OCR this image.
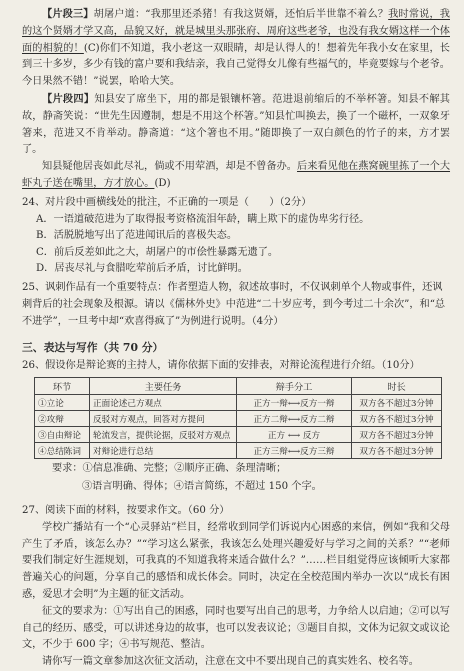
【片段三】胡屠户道：“我那里还杀猪！有我这贤婿，还怕后半世靠不着么？我时常说，我的这个贤婿才学又高，品貌又好，就是城里头那张府、周府这些老爷，也没有我女婿这样一个体面的相貌的！(C)你们不知道，我小老这一双眼睛，却是认得人的！想着先年我小女在家里，长到三十多岁，多少有钱的富户要和我结亲，我自己觉得女儿像有些福气的，毕竟要嫁与个老爷。今日果然不错！”说罢，哈哈大笑。

【片段四】知县安了席坐下，用的都是银镶杯箸。范进退前缩后的不举杯箸。知县不解其故，静斋笑说：“世先生因遵制，想是不用这个杯箸。”知县忙叫换去，换了一个磁杯，一双象牙箸来，范进又不肯举动。静斋道：“这个箸也不用。”随即换了一双白颜色的竹子的来，方才罢了。

知县疑他居丧如此尽礼，倘或不用荤酒，却是不曾备办。后来看见他在燕窝碗里拣了一个大虾丸子送在嘴里，方才放心。(D)

24、对片段中画横线处的批注，不正确的一项是（　　）（2分）

A．一语道破范进为了取得报考资格流泪年龄，瞒上欺下的虚伪卑劣行径。

B．活脱脱地写出了范进闻讯后的喜极失态。

C．前后反差如此之大，胡屠户的市侩性暴露无遗了。

D．居丧尽礼与食腊吃荤前后矛盾，讨比鲜明。

25、讽刺作品有一个重要特点：作者塑造人物，叙述故事时，不仅讽刺单个人物或事件，还讽刺背后的社会现象及根源。请以《儒林外史》中范进“二十岁应考，到今考过二十余次”，和“总不进学”，一旦考中却“欢喜得疯了”为例进行说明。（4分）

三、表达与写作（共 70 分）

26、假设你是辩论赛的主持人，请你依据下面的安排表，对辩论流程进行介绍。（10分）

环节	主要任务	辩手分工	时长
①立论	正面论述己方观点	正方一辩⟷反方一辩	双方各不超过3分钟
②攻辩	反驳对方观点，回答对方提问	正方二辩⟷反方二辩	双方各不超过3分钟
③自由辩论	轮流发言，提供论据，反驳对方观点	正方 ⟷ 反方	双方各不超过3分钟
④总结陈词	对辩论进行总结	正方三辩⟷反方三辩	双方各不超过3分钟

要求：①信息准确、完整；②顺序正确、条理清晰；

③语言明确、得体；④语言简练，不超过 150 个字。

27、阅读下面的材料，按要求作文。（60 分）

学校广播站有一个“心灵驿站”栏目，经常收到同学们诉说内心困惑的来信，例如“我和父母产生了矛盾，该怎么办？”“学习这么紧张，我该怎么处理兴趣爱好与学习之间的关系？”“老师要我们制定好生涯规划，可我真的不知道我将来适合做什么？”……栏目组觉得应该倾听大家都普遍关心的问题，分享自己的感悟和成长体会。同时，决定在全校范围内举办一次以“成长有困惑，爱思才会明”为主题的征文活动。

征文的要求为：①写出自己的困惑，同时也要写出自己的思考，力争给人以启迪；②可以写自己的经历、感受，可以讲述身边的故事，也可以发表议论；③题目自拟，文体为记叙文或议论文，不少于 600 字；④书写规范、整洁。

请你写一篇文章参加这次征文活动，注意在文中不要出现自己的真实姓名、校名等。
